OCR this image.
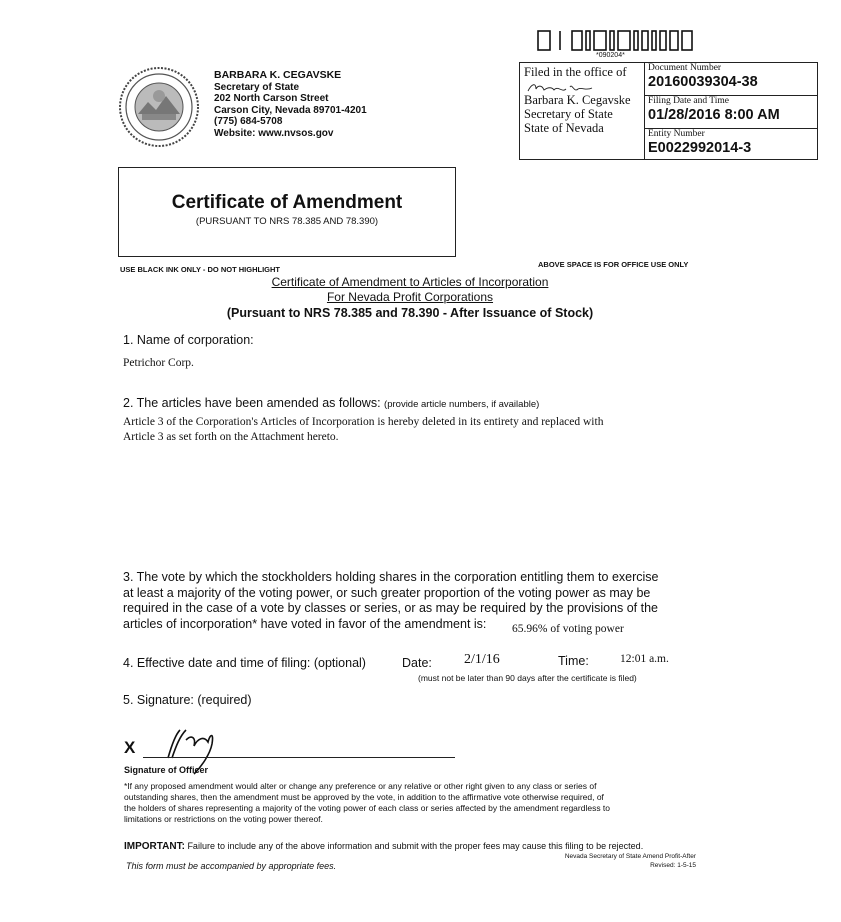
*090204*
BARBARA K. CEGAVSKE
Secretary of State
202 North Carson Street
Carson City, Nevada 89701-4201
(775) 684-5708
Website: www.nvsos.gov
Filed in the office of
Barbara K. Cegavske
Secretary of State
State of Nevada
Document Number
20160039304-38
Filing Date and Time
01/28/2016 8:00 AM
Entity Number
E0022992014-3
Certificate of Amendment
(PURSUANT TO NRS 78.385 AND 78.390)
USE BLACK INK ONLY - DO NOT HIGHLIGHT
ABOVE SPACE IS FOR OFFICE USE ONLY
Certificate of Amendment to Articles of Incorporation
For Nevada Profit Corporations
(Pursuant to NRS 78.385 and 78.390 - After Issuance of Stock)
1. Name of corporation:
Petrichor Corp.
2. The articles have been amended as follows: (provide article numbers, if available)
Article 3 of the Corporation's Articles of Incorporation is hereby deleted in its entirety and replaced with
Article 3 as set forth on the Attachment hereto.
3. The vote by which the stockholders holding shares in the corporation entitling them to exercise
at least a majority of the voting power, or such greater proportion of the voting power as may be
required in the case of a vote by classes or series, or as may be required by the provisions of the
articles of incorporation* have voted in favor of the amendment is:	65.96% of voting power
4. Effective date and time of filing: (optional)	Date: 2/1/16	Time:	12:01 a.m.
(must not be later than 90 days after the certificate is filed)
5. Signature: (required)
X
Signature of Officer
*If any proposed amendment would alter or change any preference or any relative or other right given to any class or series of
outstanding shares, then the amendment must be approved by the vote, in addition to the affirmative vote otherwise required, of
the holders of shares representing a majority of the voting power of each class or series affected by the amendment regardless to
limitations or restrictions on the voting power thereof.
IMPORTANT: Failure to include any of the above information and submit with the proper fees may cause this filing to be rejected.
This form must be accompanied by appropriate fees.
Nevada Secretary of State Amend Profit-After
Revised: 1-5-15
